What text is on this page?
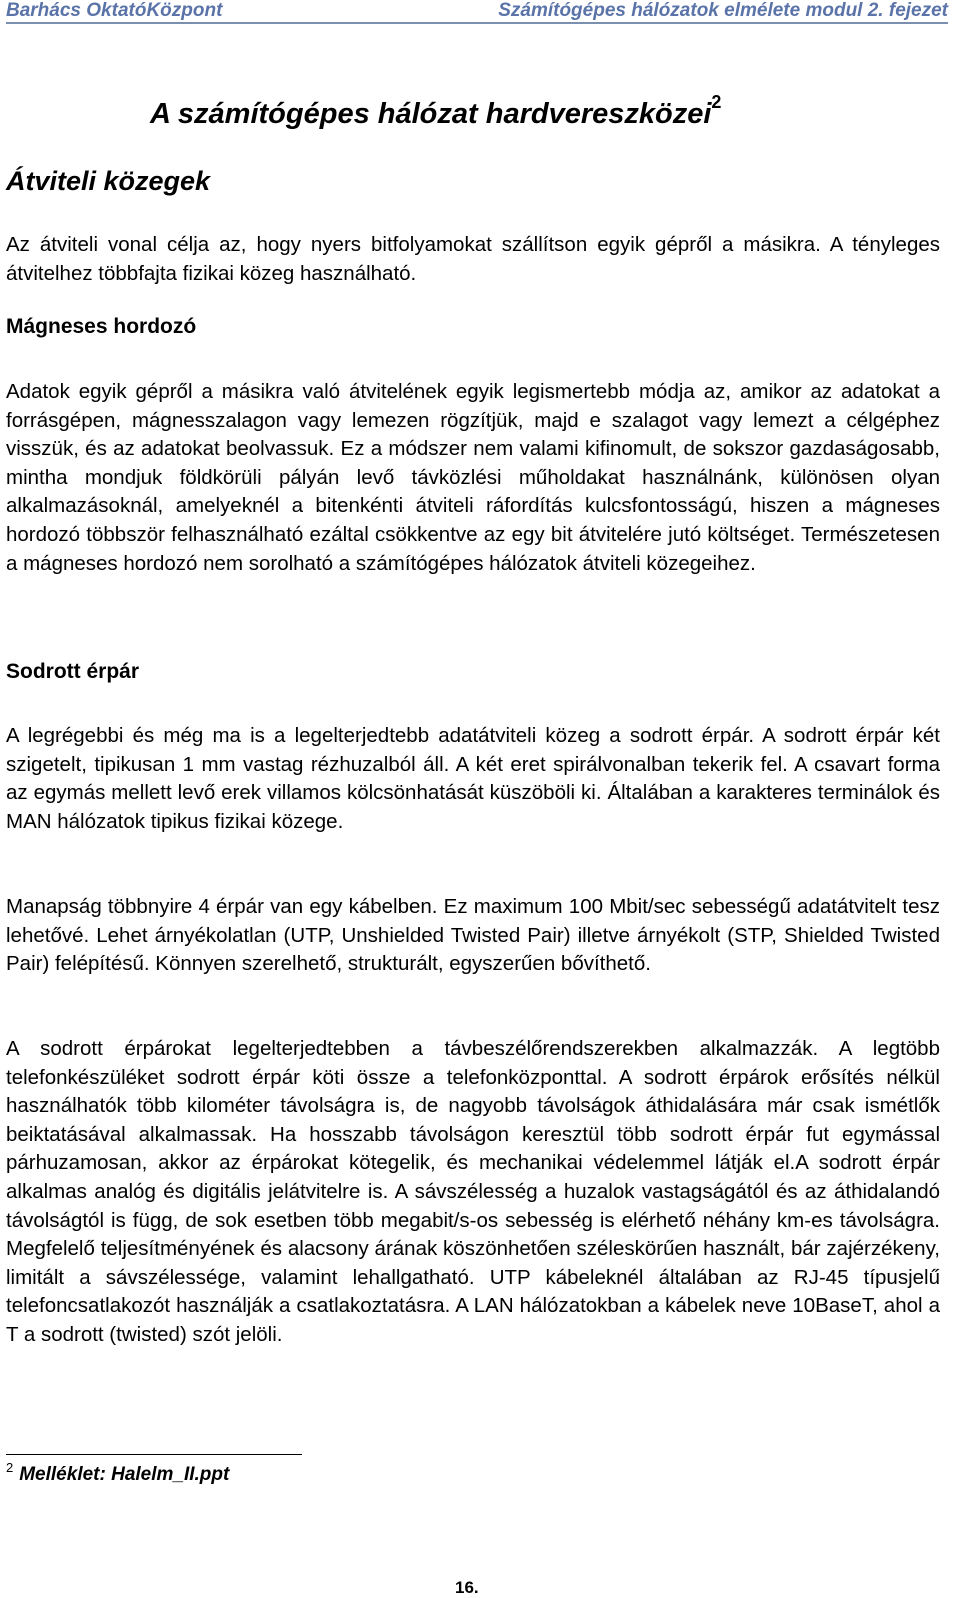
Barhács OktatóKözpont	Számítógépes hálózatok elmélete modul 2. fejezet
A számítógépes hálózat hardvereszközei$^2$
Átviteli közegek

Az átviteli vonal célja az, hogy nyers bitfolyamokat szállítson egyik gépről a másikra. A tényleges átvitelhez többfajta fizikai közeg használható.

Mágneses hordozó

Adatok egyik gépről a másikra való átvitelének egyik legismertebb módja az, amikor az adatokat a forrásgépen, mágnesszalagon vagy lemezen rögzítjük, majd e szalagot vagy lemezt a célgéphez visszük, és az adatokat beolvassuk. Ez a módszer nem valami kifinomult, de sokszor gazdaságosabb, mintha mondjuk földkörüli pályán levő távközlési műholdakat használnánk, különösen olyan alkalmazásoknál, amelyeknél a bitenkénti átviteli ráfordítás kulcsfontosságú, hiszen a mágneses hordozó többször felhasználható ezáltal csökkentve az egy bit átvitelére jutó költséget. Természetesen a mágneses hordozó nem sorolható a számítógépes hálózatok átviteli közegeihez.

Sodrott érpár

A legrégebbi és még ma is a legelterjedtebb adatátviteli közeg a sodrott érpár. A sodrott érpár két szigetelt, tipikusan 1 mm vastag rézhuzalból áll. A két eret spirálvonalban tekerik fel. A csavart forma az egymás mellett levő erek villamos kölcsönhatását küszöböli ki. Általában a karakteres terminálok és MAN hálózatok tipikus fizikai közege.

Manapság többnyire 4 érpár van egy kábelben. Ez maximum 100 Mbit/sec sebességű adatátvitelt tesz lehetővé. Lehet árnyékolatlan (UTP, Unshielded Twisted Pair) illetve árnyékolt (STP, Shielded Twisted Pair) felépítésű. Könnyen szerelhető, strukturált, egyszerűen bővíthető.

A sodrott érpárokat legelterjedtebben a távbeszélőrendszerekben alkalmazzák. A legtöbb telefonkészüléket sodrott érpár köti össze a telefonközponttal. A sodrott érpárok erősítés nélkül használhatók több kilométer távolságra is, de nagyobb távolságok áthidalására már csak ismétlők beiktatásával alkalmassak. Ha hosszabb távolságon keresztül több sodrott érpár fut egymással párhuzamosan, akkor az érpárokat kötegelik, és mechanikai védelemmel látják el.A sodrott érpár alkalmas analóg és digitális jelátvitelre is. A sávszélesség a huzalok vastagságától és az áthidalandó távolságtól is függ, de sok esetben több megabit/s-os sebesség is elérhető néhány km-es távolságra. Megfelelő teljesítményének és alacsony árának köszönhetően széleskörűen használt, bár zajérzékeny, limitált a sávszélessége, valamint lehallgatható. UTP kábeleknél általában az RJ-45 típusjelű telefoncsatlakozót használják a csatlakoztatásra. A LAN hálózatokban a kábelek neve 10BaseT, ahol a T a sodrott (twisted) szót jelöli.

$^2$ Melléklet: Halelm_II.ppt
16.
